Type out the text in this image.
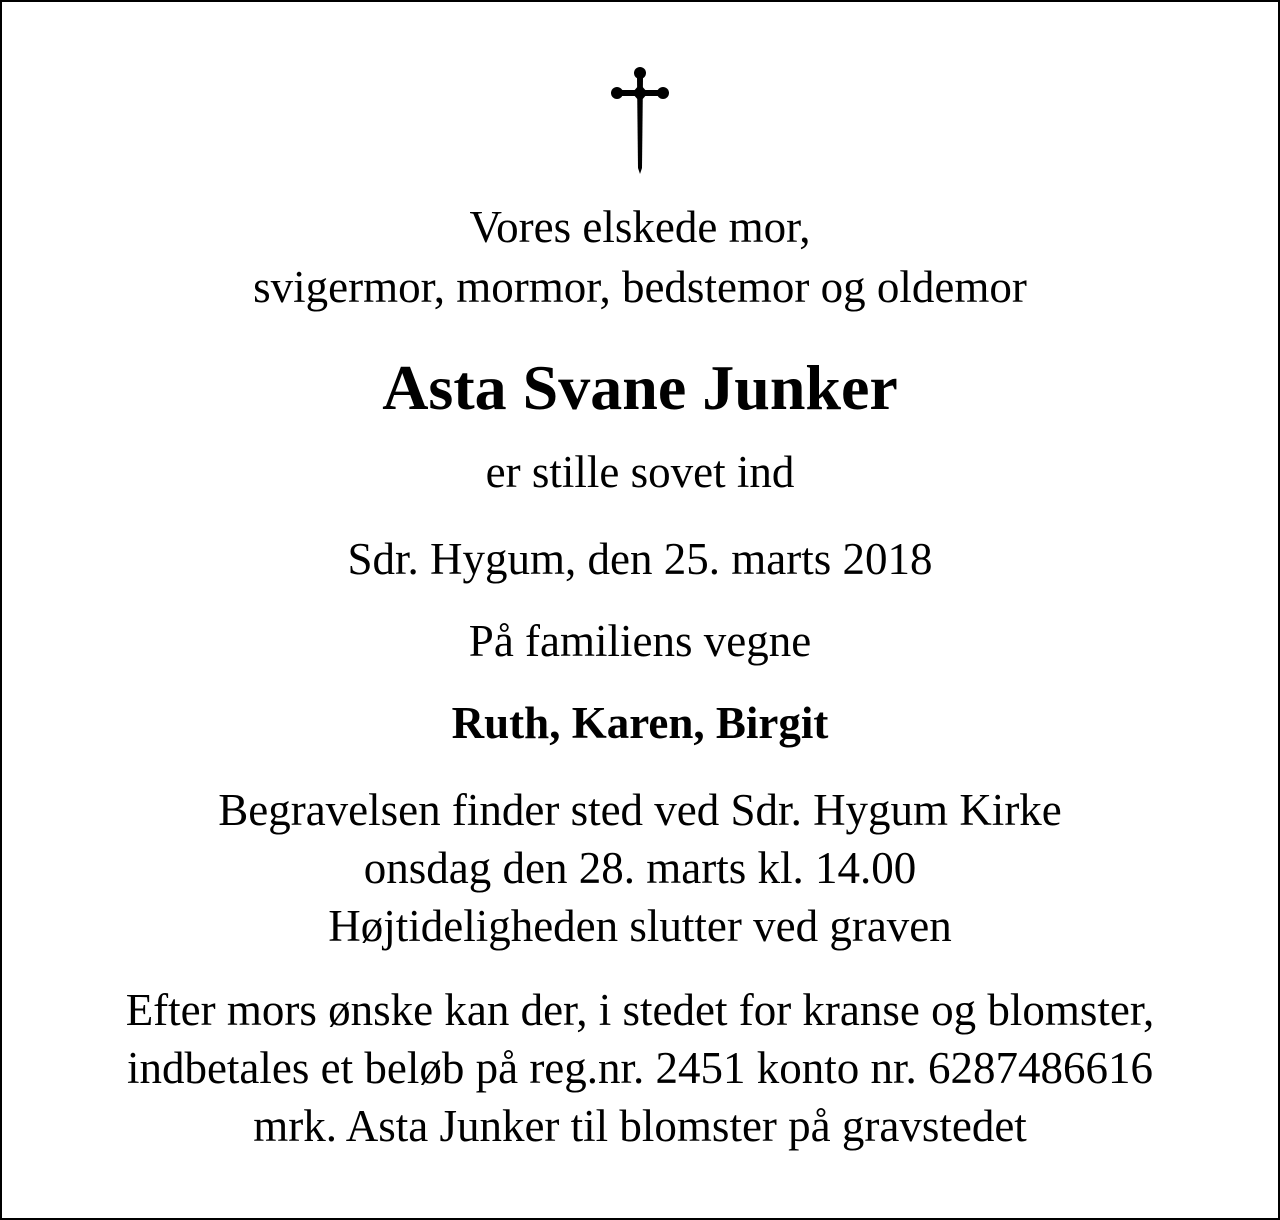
Vores elskede mor,
svigermor, mormor, bedstemor og oldemor
Asta Svane Junker
er stille sovet ind
Sdr. Hygum, den 25. marts 2018
På familiens vegne
Ruth, Karen, Birgit
Begravelsen finder sted ved Sdr. Hygum Kirke
onsdag den 28. marts kl. 14.00
Højtideligheden slutter ved graven
Efter mors ønske kan der, i stedet for kranse og blomster,
indbetales et beløb på reg.nr. 2451 konto nr. 6287486616
mrk. Asta Junker til blomster på gravstedet
